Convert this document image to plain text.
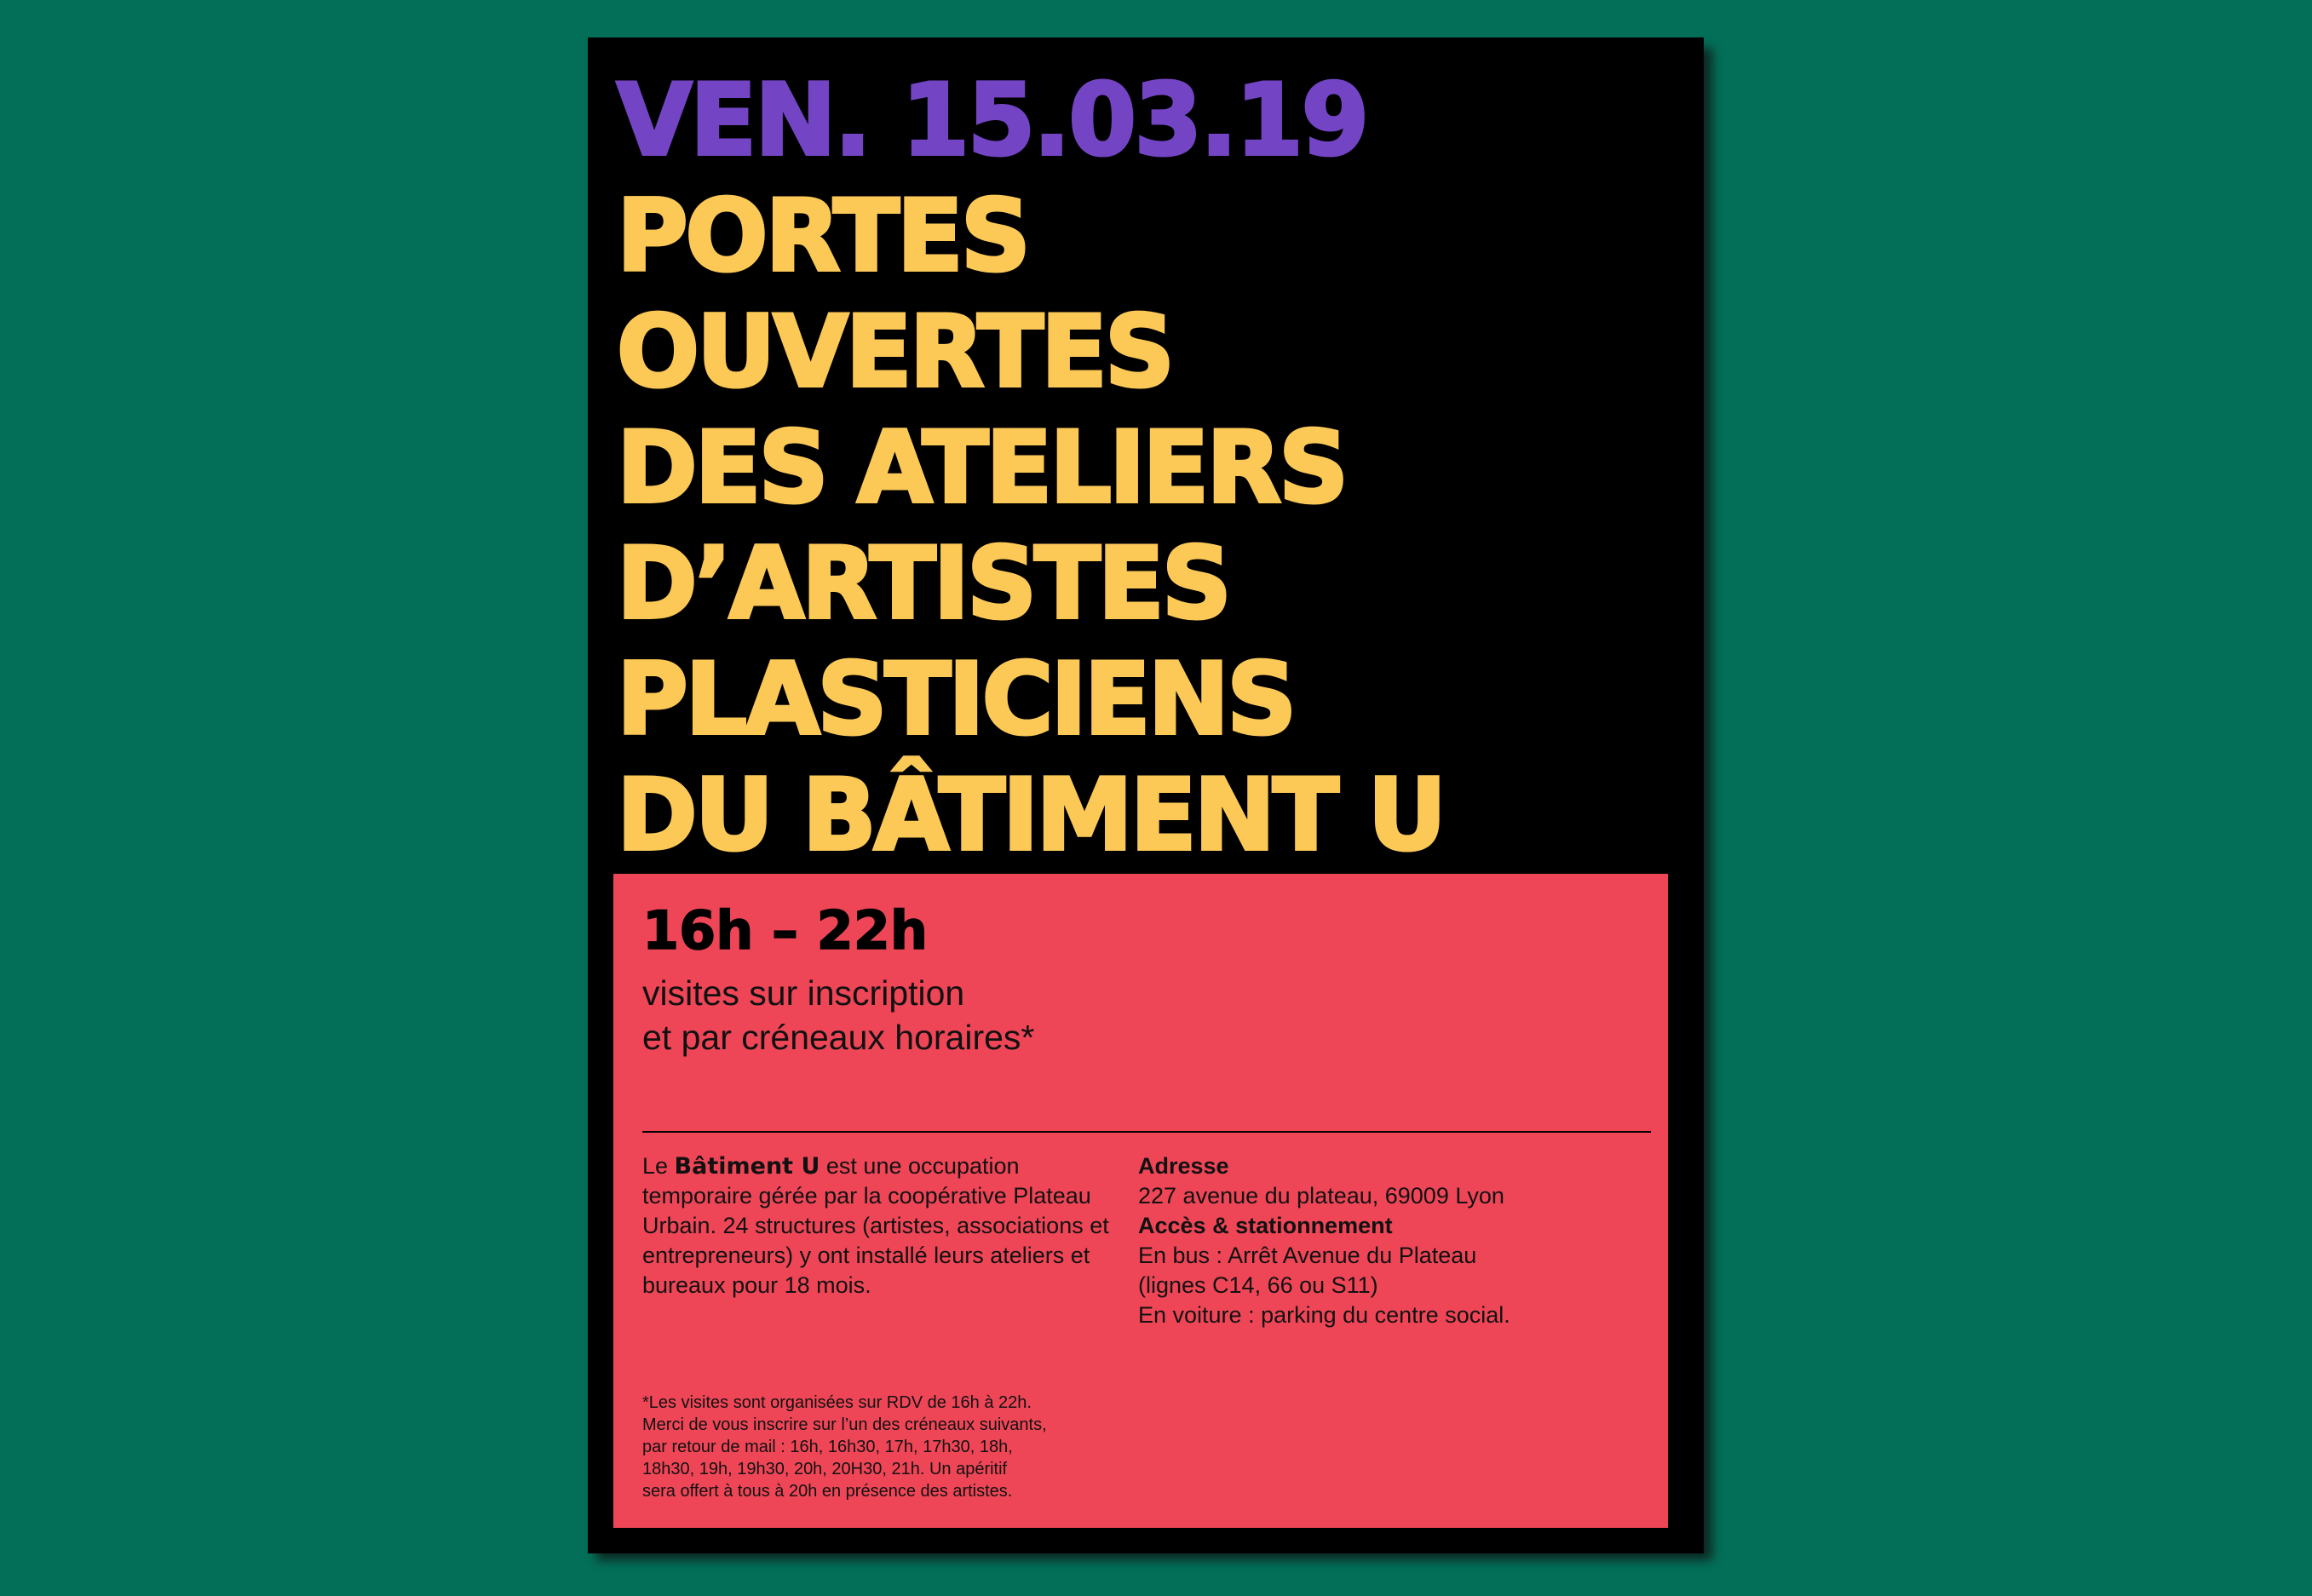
VEN. 15.03.19
PORTES
OUVERTES
DES ATELIERS
D’ARTISTES
PLASTICIENS
DU BÂTIMENT U
16h – 22h

visites sur inscription
et par créneaux horaires*

Le Bâtiment U est une occupation temporaire gérée par la coopérative Plateau Urbain. 24 structures (artistes, associations et entrepreneurs) y ont installé leurs ateliers et bureaux pour 18 mois.

Adresse
227 avenue du plateau, 69009 Lyon
Accès & stationnement
En bus : Arrêt Avenue du Plateau
(lignes C14, 66 ou S11)
En voiture : parking du centre social.

*Les visites sont organisées sur RDV de 16h à 22h.
Merci de vous inscrire sur l’un des créneaux suivants,
par retour de mail : 16h, 16h30, 17h, 17h30, 18h,
18h30, 19h, 19h30, 20h, 20H30, 21h. Un apéritif
sera offert à tous à 20h en présence des artistes.
